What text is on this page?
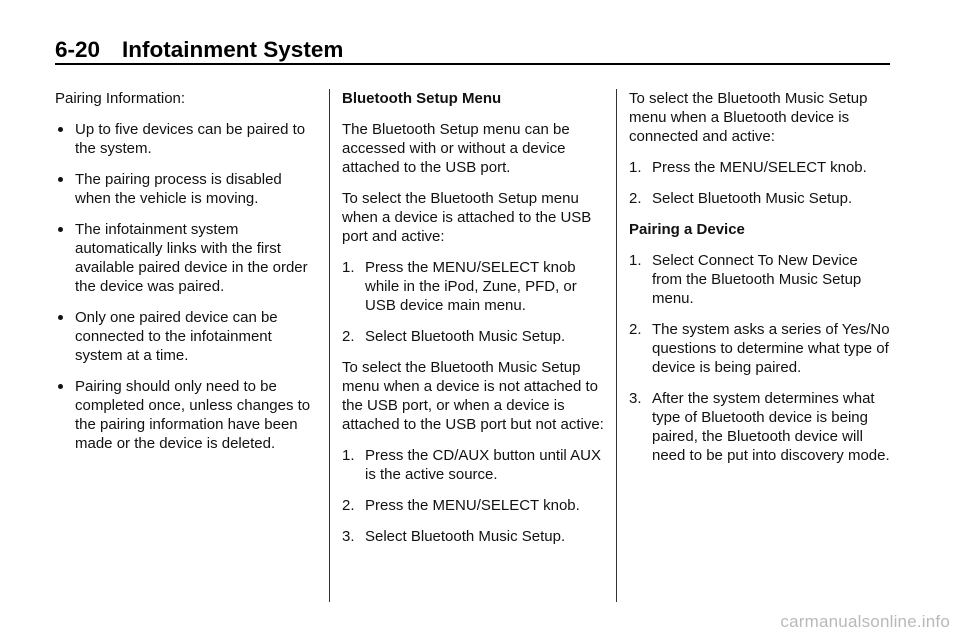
6-20 Infotainment System

Pairing Information:

Up to five devices can be paired to the system.
The pairing process is disabled when the vehicle is moving.
The infotainment system automatically links with the first available paired device in the order the device was paired.
Only one paired device can be connected to the infotainment system at a time.
Pairing should only need to be completed once, unless changes to the pairing information have been made or the device is deleted.
Bluetooth Setup Menu

The Bluetooth Setup menu can be accessed with or without a device attached to the USB port.

To select the Bluetooth Setup menu when a device is attached to the USB port and active:

1. Press the MENU/SELECT knob while in the iPod, Zune, PFD, or USB device main menu.
2. Select Bluetooth Music Setup.

To select the Bluetooth Music Setup menu when a device is not attached to the USB port, or when a device is attached to the USB port but not active:

1. Press the CD/AUX button until AUX is the active source.
2. Press the MENU/SELECT knob.
3. Select Bluetooth Music Setup.

To select the Bluetooth Music Setup menu when a Bluetooth device is connected and active:

1. Press the MENU/SELECT knob.
2. Select Bluetooth Music Setup.
Pairing a Device
1. Select Connect To New Device from the Bluetooth Music Setup menu.
2. The system asks a series of Yes/No questions to determine what type of device is being paired.
3. After the system determines what type of Bluetooth device is being paired, the Bluetooth device will need to be put into discovery mode.
carmanualsonline.info
